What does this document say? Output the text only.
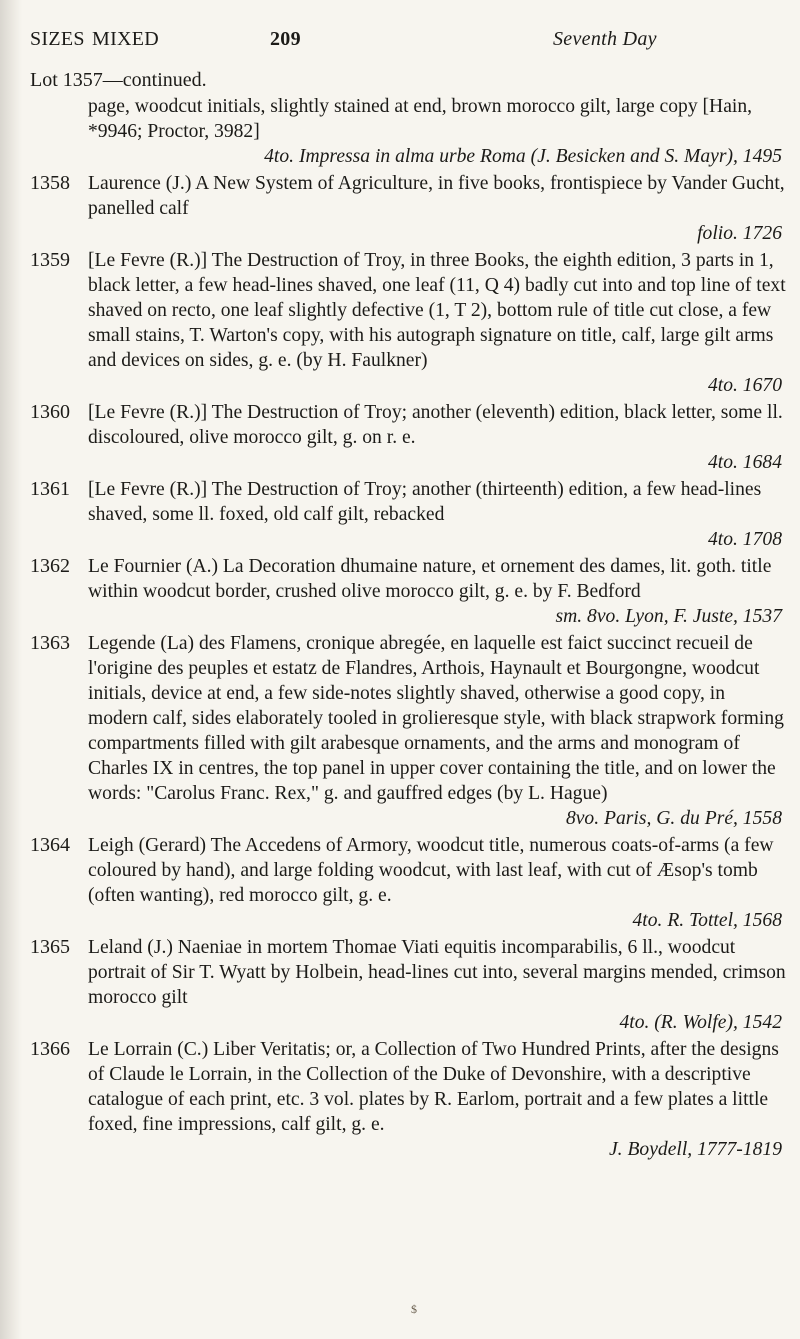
SIZES MIXED	209	Seventh Day
Lot 1357—continued.
page, woodcut initials, slightly stained at end, brown morocco gilt, large copy [Hain, *9946; Proctor, 3982]
4to. Impressa in alma urbe Roma (J. Besicken and S. Mayr), 1495
1358 Laurence (J.) A New System of Agriculture, in five books, frontispiece by Vander Gucht, panelled calf
folio. 1726
1359 [Le Fevre (R.)] The Destruction of Troy, in three Books, the eighth edition, 3 parts in 1, black letter, a few head-lines shaved, one leaf (11, Q 4) badly cut into and top line of text shaved on recto, one leaf slightly defective (1, T 2), bottom rule of title cut close, a few small stains, T. Warton's copy, with his autograph signature on title, calf, large gilt arms and devices on sides, g. e. (by H. Faulkner)
4to. 1670
1360 [Le Fevre (R.)] The Destruction of Troy; another (eleventh) edition, black letter, some ll. discoloured, olive morocco gilt, g. on r. e.
4to. 1684
1361 [Le Fevre (R.)] The Destruction of Troy; another (thirteenth) edition, a few head-lines shaved, some ll. foxed, old calf gilt, rebacked
4to. 1708
1362 Le Fournier (A.) La Decoration dhumaine nature, et ornement des dames, lit. goth. title within woodcut border, crushed olive morocco gilt, g. e. by F. Bedford
sm. 8vo. Lyon, F. Juste, 1537
1363 Legende (La) des Flamens, cronique abregée, en laquelle est faict succinct recueil de l'origine des peuples et estatz de Flandres, Arthois, Haynault et Bourgongne, woodcut initials, device at end, a few side-notes slightly shaved, otherwise a good copy, in modern calf, sides elaborately tooled in grolieresque style, with black strapwork forming compartments filled with gilt arabesque ornaments, and the arms and monogram of Charles IX in centres, the top panel in upper cover containing the title, and on lower the words: "Carolus Franc. Rex," g. and gauffred edges (by L. Hague)
8vo. Paris, G. du Pré, 1558
1364 Leigh (Gerard) The Accedens of Armory, woodcut title, numerous coats-of-arms (a few coloured by hand), and large folding woodcut, with last leaf, with cut of Æsop's tomb (often wanting), red morocco gilt, g. e.
4to. R. Tottel, 1568
1365 Leland (J.) Naeniae in mortem Thomae Viati equitis incomparabilis, 6 ll., woodcut portrait of Sir T. Wyatt by Holbein, head-lines cut into, several margins mended, crimson morocco gilt
4to. (R. Wolfe), 1542
1366 Le Lorrain (C.) Liber Veritatis; or, a Collection of Two Hundred Prints, after the designs of Claude le Lorrain, in the Collection of the Duke of Devonshire, with a descriptive catalogue of each print, etc. 3 vol. plates by R. Earlom, portrait and a few plates a little foxed, fine impressions, calf gilt, g. e.
J. Boydell, 1777-1819
$
